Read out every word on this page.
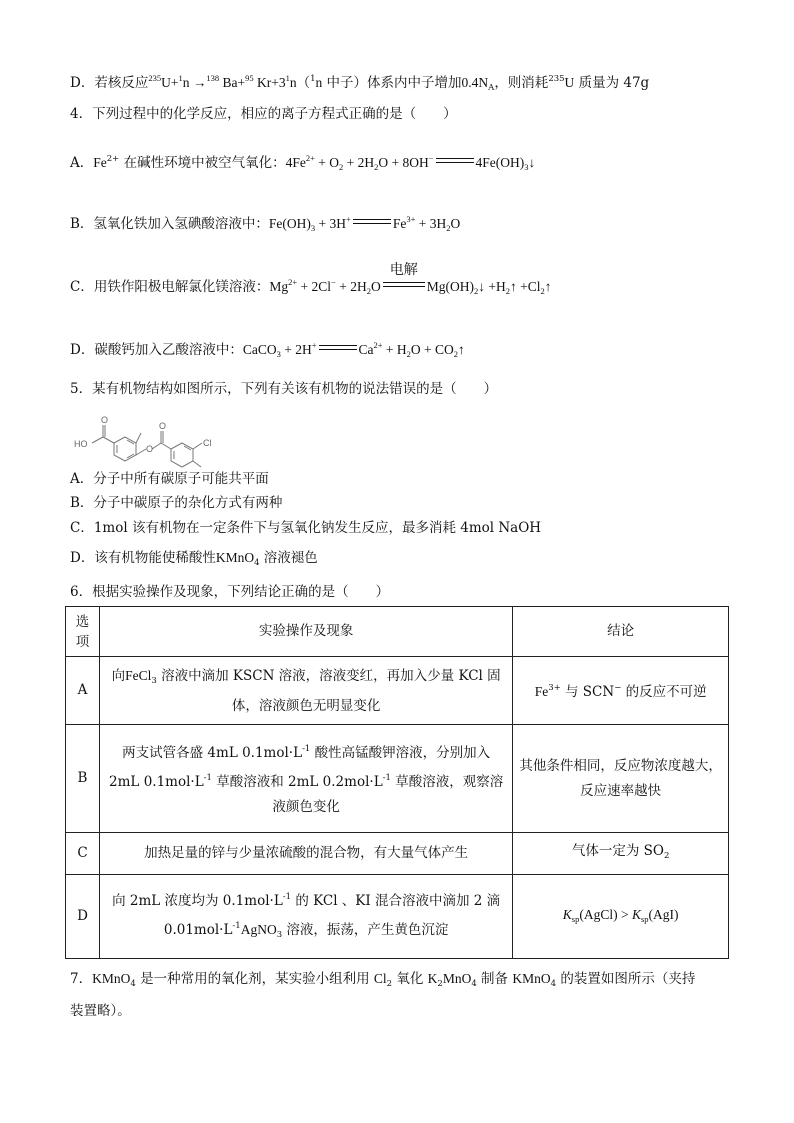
D．若核反应$^{235}$U+$^1$n →$^{138}$ Ba+$^{95}$ $Kr+3^1n(^1n$ 中子）体系内中子增加$0.4N_A$，则消耗$^{235}$U 质量为 47g
4．下列过程中的化学反应，相应的离子方程式正确的是（　　）
A．$Fe^{2+}$ 在碱性环境中被空气氧化：$4Fe^{2+} + O_2 + 2H_2O + 8OH^-$	$4Fe(OH)_3↓$
B．氢氧化铁加入氢碘酸溶液中：$Fe(OH)_3 + 3H^+$	$Fe^{3+} + 3H_2O$
C．用铁作阳极电解氯化镁溶液：$Mg^{2+} + 2Cl^- + 2H_2O$
电解
$Mg(OH)_2↓$ $+H_2↑$ $+Cl_2↑$
D．碳酸钙加入乙酸溶液中：CaCO$_3$ + 2H+	$Ca^{2+} + H_2O$ + $CO_2↑$
5．某有机物结构如图所示，下列有关该有机物的说法错误的是（　　）
HO	O
O
O
Cl
A．分子中所有碳原子可能共平面
B．分子中碳原子的杂化方式有两种
C．1mol 该有机物在一定条件下与氢氧化钠发生反应，最多消耗 4mol NaOH
D．该有机物能使稀酸性KMnO$_4$ 溶液褪色
6．根据实验操作及现象，下列结论正确的是（　　）
选
项	实验操作及现象	结论
A	向FeCl$_3$ 溶液中滴加 KSCN 溶液，溶液变红，再加入少量 KCl 固
体，溶液颜色无明显变化	$Fe^{3+}$ 与 SCN− 的反应不可逆
B	两支试管各盛 4mL $0.1mol\cdot L^{-1}$ 酸性高锰酸钾溶液，分别加入
2mL $0.1mol\cdot L^{-1}$ 草酸溶液和 2mL $0.2mol\cdot L^{-1}$ 草酸溶液，观察溶
液颜色变化	其他条件相同，反应物浓度越大，
反应速率越快
C	加热足量的锌与少量浓硫酸的混合物，有大量气体产生	气体一定为 $SO_2$
D	向 2mL 浓度均为 $0.1mol\cdot L^{-1}$ 的 KCl 、KI 混合溶液中滴加 2 滴
$0.01mol\cdot L^{-1}AgNO_3$ 溶液，振荡，产生黄色沉淀	$K_{sp}(AgCl) > K_{sp}(AgI)$
7．KMnO$_4$ 是一种常用的氧化剂，某实验小组利用 $Cl_2$ 氧化 $K_2MnO_4$ 制备 KMnO$_4$ 的装置如图所示（夹持
装置略）。
